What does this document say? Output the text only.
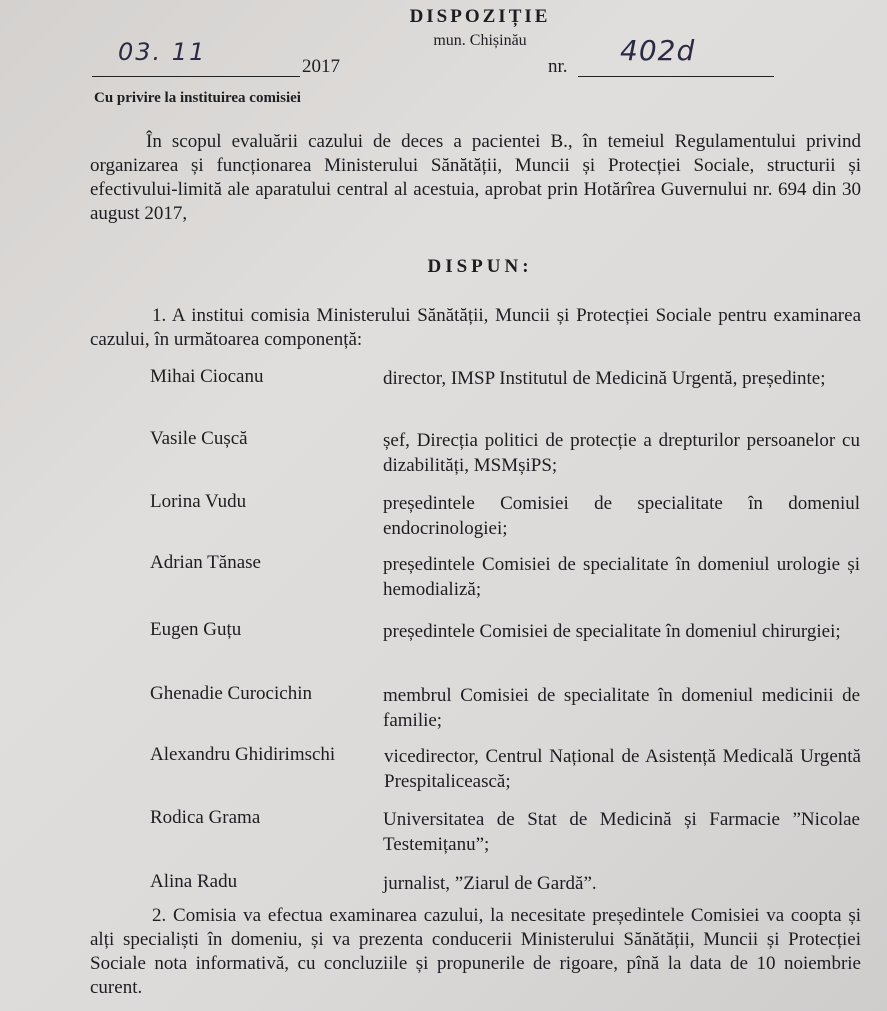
DISPOZIȚIE
mun. Chișinău
03. 11
2017	nr. 402d
Cu privire la instituirea comisiei
În scopul evaluării cazului de deces a pacientei B., în temeiul Regulamentului privind organizarea și funcționarea Ministerului Sănătății, Muncii și Protecției Sociale, structurii și efectivului-limită ale aparatului central al acestuia, aprobat prin Hotărîrea Guvernului nr. 694 din 30 august 2017,
DISPUN:
1. A institui comisia Ministerului Sănătății, Muncii și Protecției Sociale pentru examinarea cazului, în următoarea componență:
Mihai Ciocanu	director, IMSP Institutul de Medicină Urgentă, președinte;
Vasile Cușcă	șef, Direcția politici de protecție a drepturilor persoanelor cu dizabilități, MSMșiPS;
Lorina Vudu	președintele Comisiei de specialitate în domeniul endocrinologiei;
Adrian Tănase	președintele Comisiei de specialitate în domeniul urologie și hemodializă;
Eugen Guțu	președintele Comisiei de specialitate în domeniul chirurgiei;
Ghenadie Curocichin	membrul Comisiei de specialitate în domeniul medicinii de familie;
Alexandru Ghidirimschi	vicedirector, Centrul Național de Asistență Medicală Urgentă Prespitalicească;
Rodica Grama	Universitatea de Stat de Medicină și Farmacie ”Nicolae Testemițanu”;
Alina Radu	jurnalist, ”Ziarul de Gardă”.
2. Comisia va efectua examinarea cazului, la necesitate președintele Comisiei va coopta și alți specialiști în domeniu, și va prezenta conducerii Ministerului Sănătății, Muncii și Protecției Sociale nota informativă, cu concluziile și propunerile de rigoare, pînă la data de 10 noiembrie curent.
